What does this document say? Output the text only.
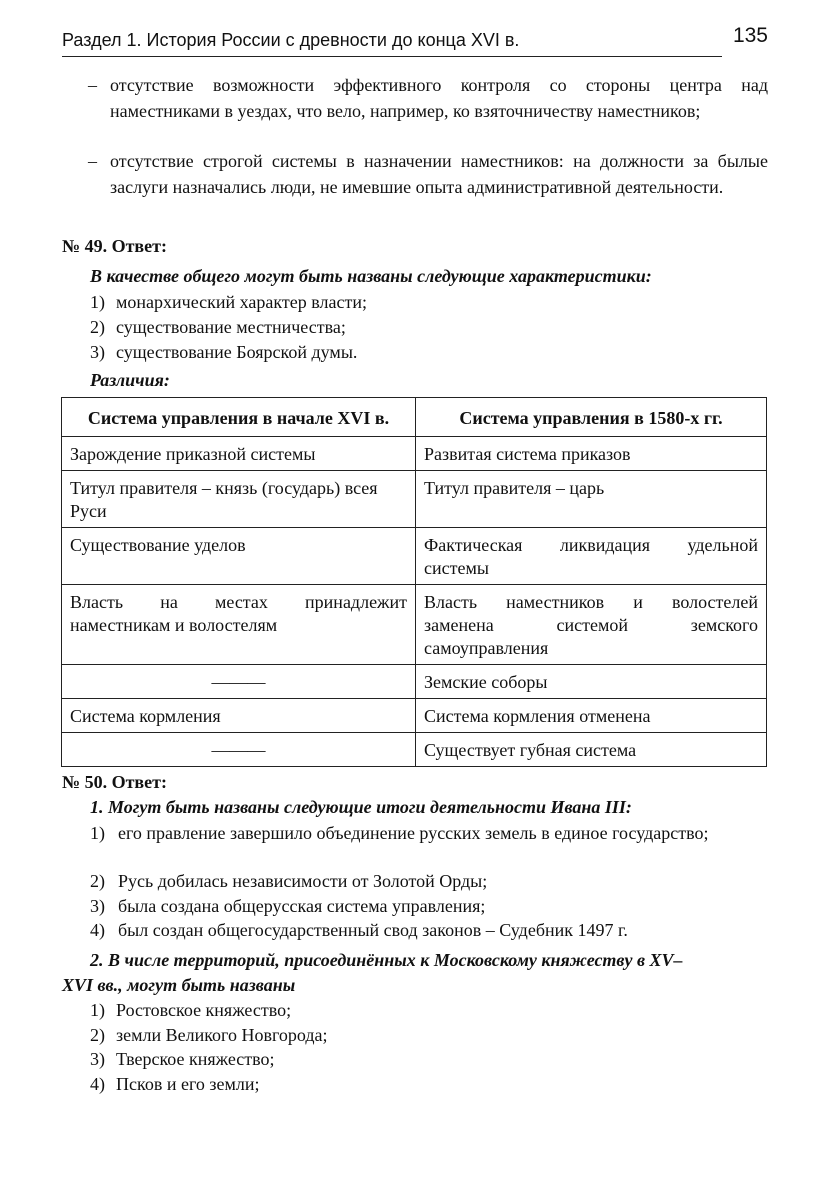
Раздел 1. История России с древности до конца XVI в.	135
– отсутствие возможности эффективного контроля со стороны центра над наместниками в уездах, что вело, например, ко взяточничеству наместников;
– отсутствие строгой системы в назначении наместников: на должности за былые заслуги назначались люди, не имевшие опыта административной деятельности.
№ 49. Ответ:
В качестве общего могут быть названы следующие характеристики:
1) монархический характер власти;
2) существование местничества;
3) существование Боярской думы.
Различия:
Система управления в начале XVI в.	Система управления в 1580-х гг.
Зарождение приказной системы	Развитая система приказов
Титул правителя – князь (государь) всея Руси	Титул правителя – царь
Существование уделов	Фактическая ликвидация удельной системы
Власть на местах принадлежит наместникам и волостелям	Власть наместников и волостелей заменена системой земского самоуправления
———	Земские соборы
Система кормления	Система кормления отменена
———	Существует губная система
№ 50. Ответ:
1. Могут быть названы следующие итоги деятельности Ивана III:
1) его правление завершило объединение русских земель в единое государство;
2) Русь добилась независимости от Золотой Орды;
3) была создана общерусская система управления;
4) был создан общегосударственный свод законов – Судебник 1497 г.
2. В числе территорий, присоединённых к Московскому княжеству в XV–
XVI вв., могут быть названы
1) Ростовское княжество;
2) земли Великого Новгорода;
3) Тверское княжество;
4) Псков и его земли;
